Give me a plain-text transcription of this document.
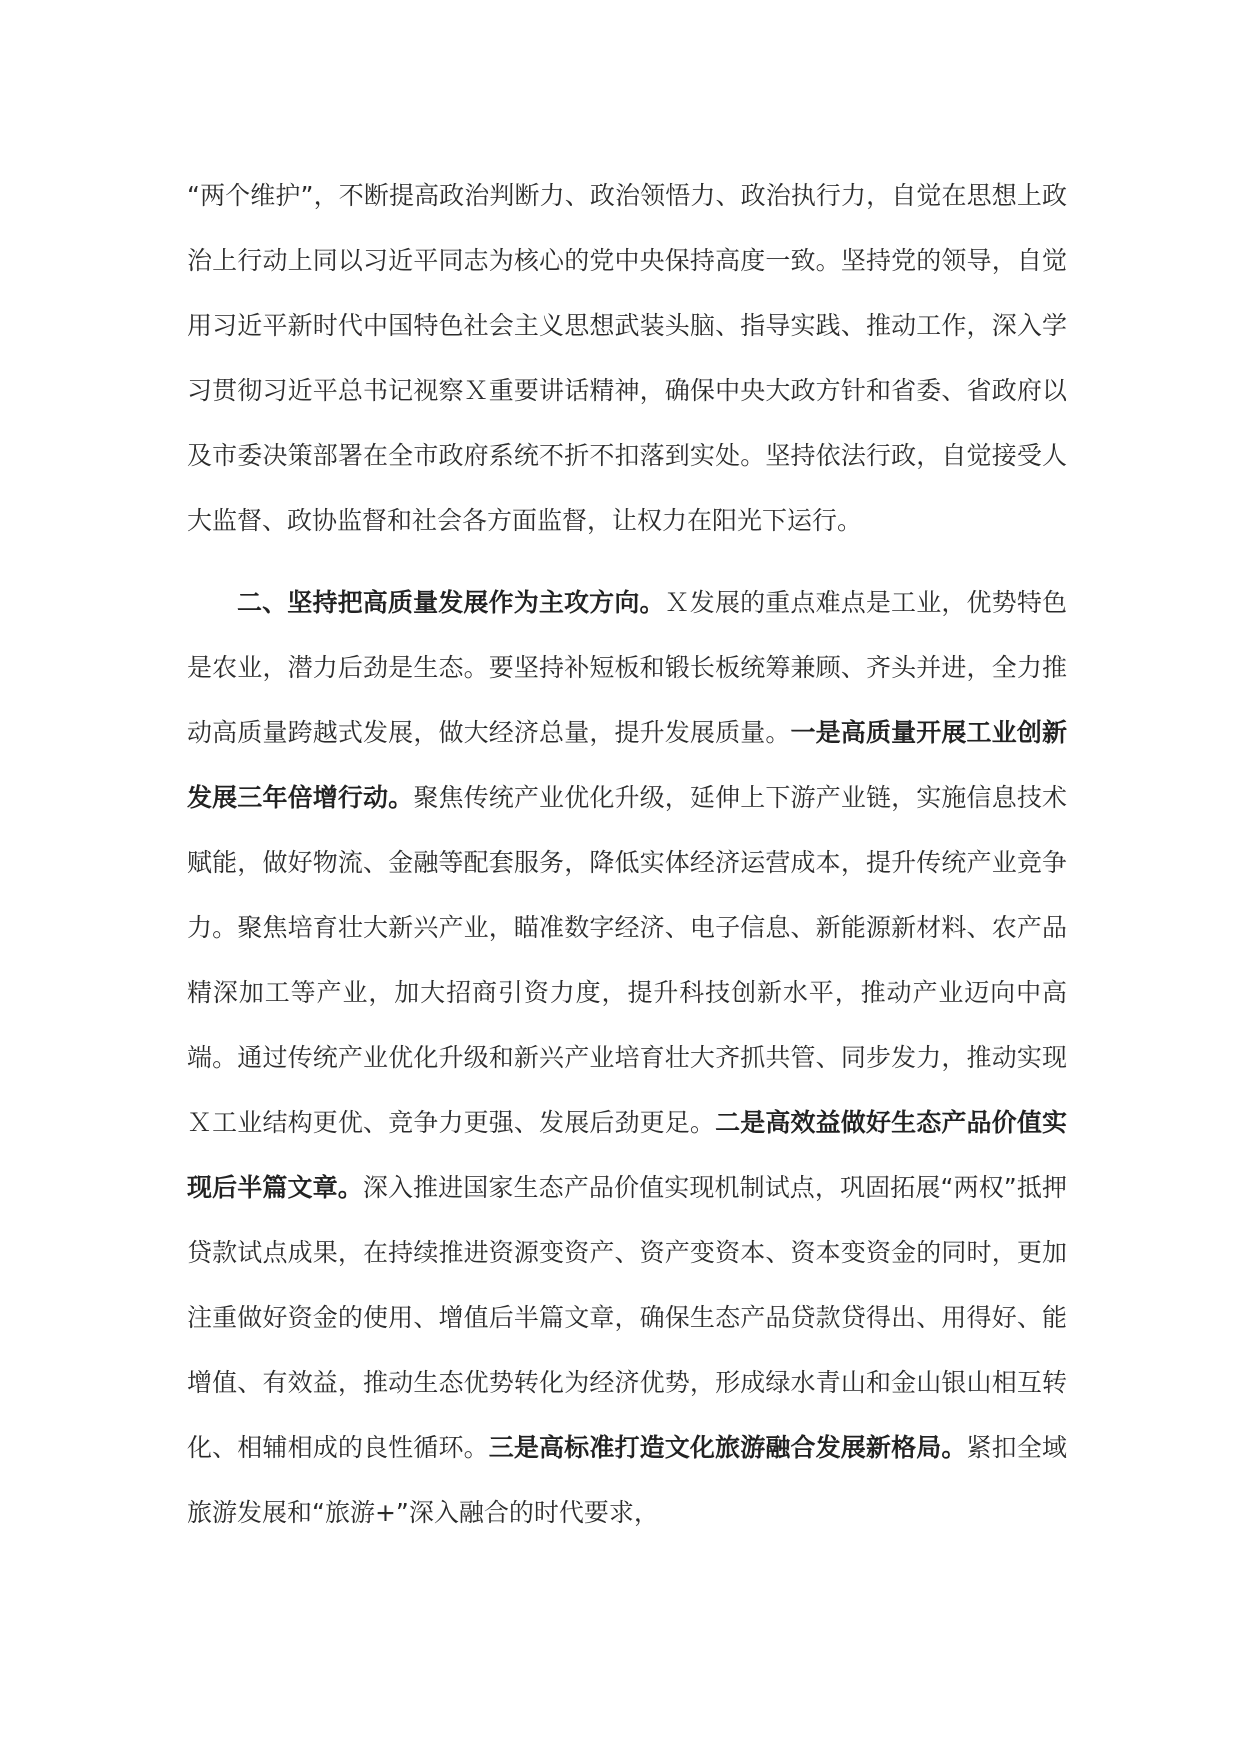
“两个维护”，不断提高政治判断力、政治领悟力、政治执行力，自觉在思想上政治上行动上同以习近平同志为核心的党中央保持高度一致。坚持党的领导，自觉用习近平新时代中国特色社会主义思想武装头脑、指导实践、推动工作，深入学习贯彻习近平总书记视察Ｘ重要讲话精神，确保中央大政方针和省委、省政府以及市委决策部署在全市政府系统不折不扣落到实处。坚持依法行政，自觉接受人大监督、政协监督和社会各方面监督，让权力在阳光下运行。

二、坚持把高质量发展作为主攻方向。Ｘ发展的重点难点是工业，优势特色是农业，潜力后劲是生态。要坚持补短板和锻长板统筹兼顾、齐头并进，全力推动高质量跨越式发展，做大经济总量，提升发展质量。一是高质量开展工业创新发展三年倍增行动。聚焦传统产业优化升级，延伸上下游产业链，实施信息技术赋能，做好物流、金融等配套服务，降低实体经济运营成本，提升传统产业竞争力。聚焦培育壮大新兴产业，瞄准数字经济、电子信息、新能源新材料、农产品精深加工等产业，加大招商引资力度，提升科技创新水平，推动产业迈向中高端。通过传统产业优化升级和新兴产业培育壮大齐抓共管、同步发力，推动实现Ｘ工业结构更优、竞争力更强、发展后劲更足。二是高效益做好生态产品价值实现后半篇文章。深入推进国家生态产品价值实现机制试点，巩固拓展“两权”抵押贷款试点成果，在持续推进资源变资产、资产变资本、资本变资金的同时，更加注重做好资金的使用、增值后半篇文章，确保生态产品贷款贷得出、用得好、能增值、有效益，推动生态优势转化为经济优势，形成绿水青山和金山银山相互转化、相辅相成的良性循环。三是高标准打造文化旅游融合发展新格局。紧扣全域旅游发展和“旅游+”深入融合的时代要求，
